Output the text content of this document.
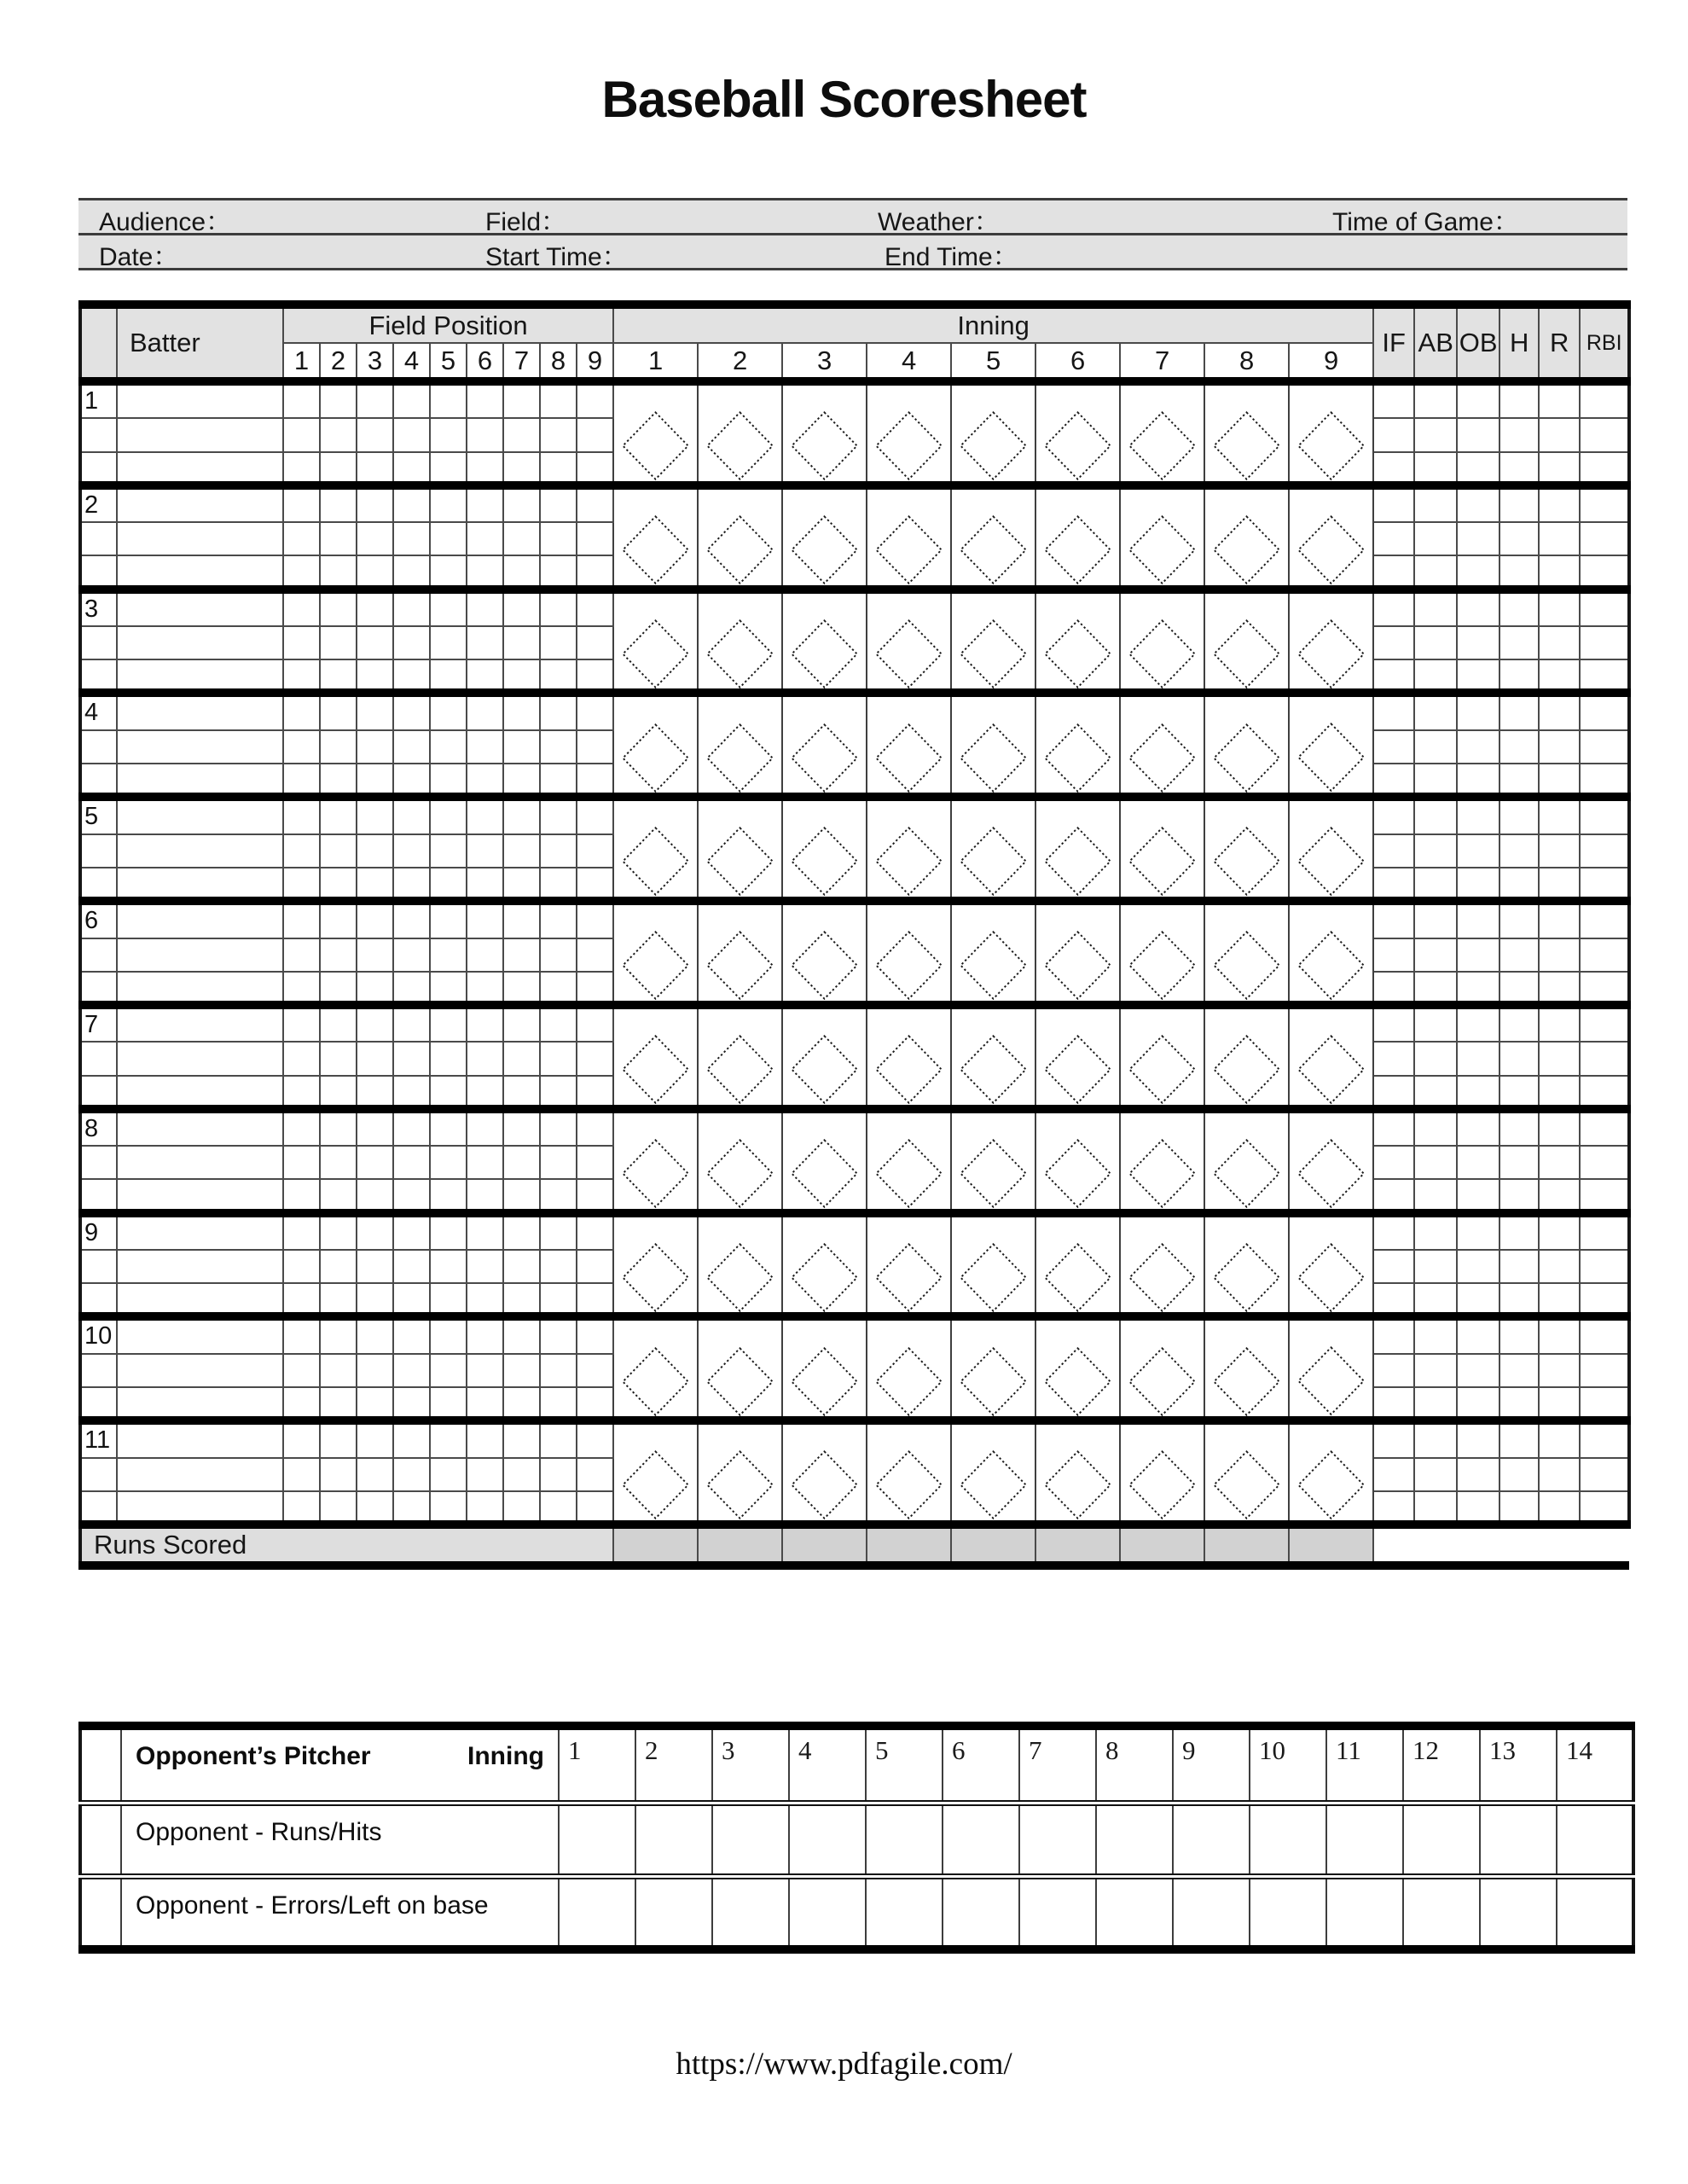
Baseball Scoresheet
Audience：	Field：	Weather：	Time of Game：
Date：	Start Time：	End Time：
	Batter	Field Position									Inning									IF	AB	OB	H	R	RBI
		1	2	3	4	5	6	7	8	9	1	2	3	4	5	6	7	8	9						
1											

2											

3											

4											

5											

6											

7											

8											

9											

10											

11											

Runs Scored																									

	Opponent’s Pitcher Inning	1	2	3	4	5	6	7	8	9	10	11	12	13	14
	Opponent - Runs/Hits														
	Opponent - Errors/Left on base														
https://www.pdfagile.com/
